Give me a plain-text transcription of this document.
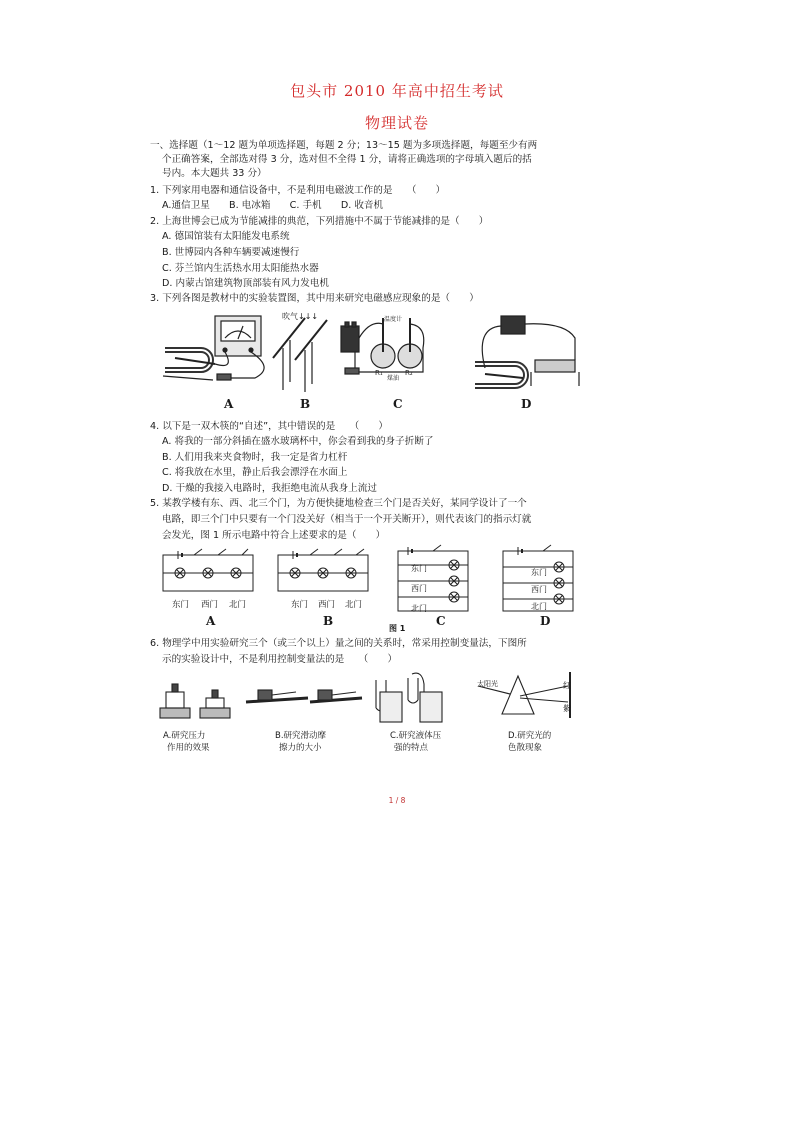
包头市 2010 年高中招生考试
物理试卷
一、选择题（1～12 题为单项选择题，每题 2 分；13～15 题为多项选择题，每题至少有两
个正确答案，全部选对得 3 分，选对但不全得 1 分，请将正确选项的字母填入题后的括
号内。本大题共 33 分）
1. 下列家用电器和通信设备中，不是利用电磁波工作的是　　（　　）
A.通信卫星　　B. 电冰箱　　C. 手机　　D. 收音机
2. 上海世博会已成为节能减排的典范，下列措施中不属于节能减排的是（　　）
A. 德国馆装有太阳能发电系统
B. 世博园内各种车辆要减速慢行
C. 芬兰馆内生活热水用太阳能热水器
D. 内蒙古馆建筑物顶部装有风力发电机
3. 下列各图是教材中的实验装置图，其中用来研究电磁感应现象的是（　　）
A	B	C	D
吹气↓↓↓	温度计
R₁
煤油
R₂
4. 以下是一双木筷的“自述”，其中错误的是　　（　　）
A. 将我的一部分斜插在盛水玻璃杯中，你会看到我的身子折断了
B. 人们用我来夹食物时，我一定是省力杠杆
C. 将我放在水里，静止后我会漂浮在水面上
D. 干燥的我接入电路时，我拒绝电流从我身上流过
5. 某教学楼有东、西、北三个门，为方便快捷地检查三个门是否关好，某同学设计了一个
电路，即三个门中只要有一个门没关好（相当于一个开关断开），则代表该门的指示灯就
会发光，图 1 所示电路中符合上述要求的是（　　）
东门 西门 北门	东门 西门 北门
东门
西门
北门
东门
西门
北门
A	B	C	D
图 1
6. 物理学中用实验研究三个（或三个以上）量之间的关系时，常采用控制变量法，下图所
示的实验设计中，不是利用控制变量法的是　　（　　）
太阳光	红
紫
A.研究压力
作用的效果
B.研究滑动摩
擦力的大小
C.研究液体压
强的特点
D.研究光的
色散现象
1 / 8
